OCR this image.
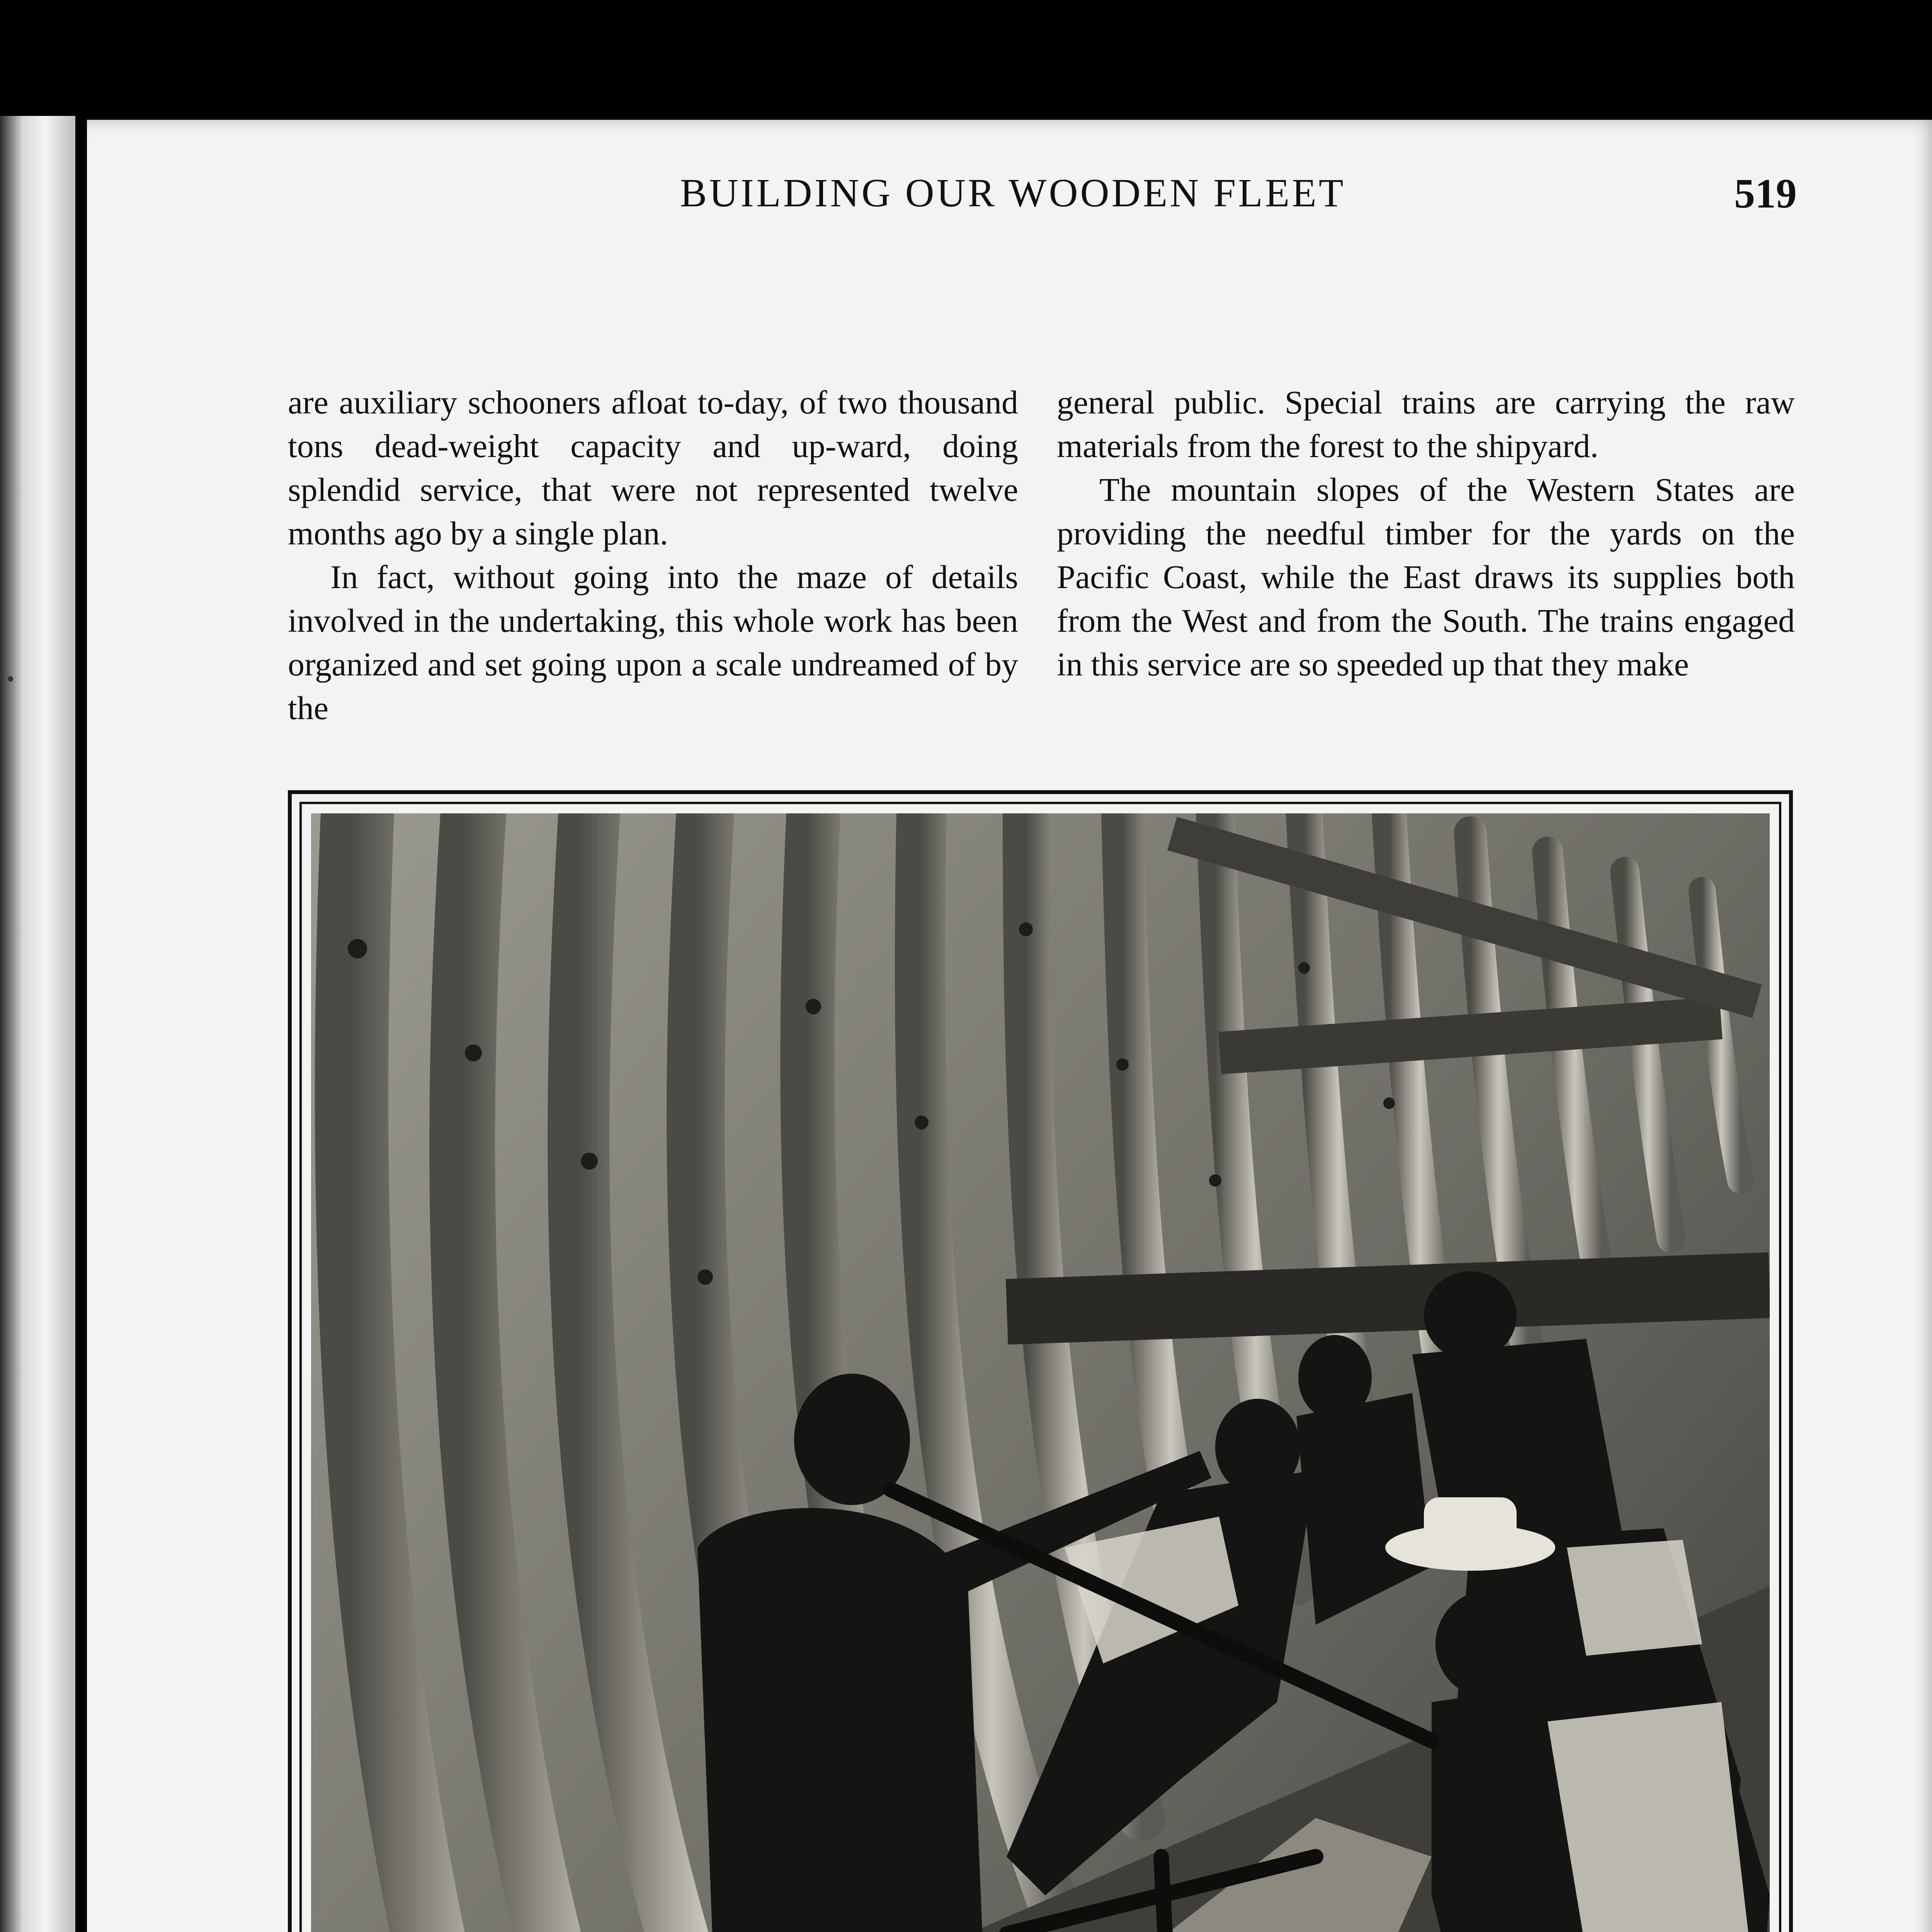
BUILDING OUR WOODEN FLEET	519

are auxiliary schooners afloat to-day, of two thousand tons dead-weight capacity and up-ward, doing splendid service, that were not represented twelve months ago by a single plan.

In fact, without going into the maze of details involved in the undertaking, this whole work has been organized and set going upon a scale undreamed of by the

general public. Special trains are carrying the raw materials from the forest to the shipyard.

The mountain slopes of the Western States are providing the needful timber for the yards on the Pacific Coast, while the East draws its supplies both from the West and from the South. The trains engaged in this service are so speeded up that they make
